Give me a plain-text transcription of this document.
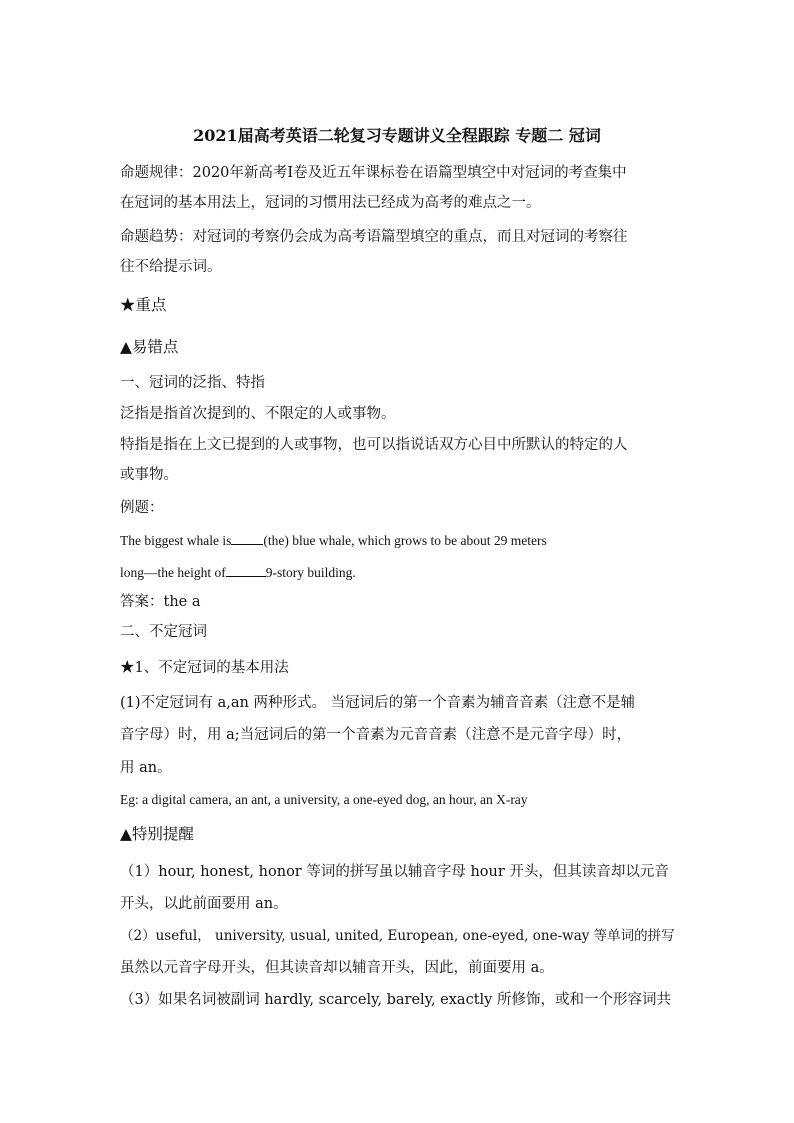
2021届高考英语二轮复习专题讲义全程跟踪 专题二 冠词
命题规律：2020年新高考Ⅰ卷及近五年课标卷在语篇型填空中对冠词的考查集中
在冠词的基本用法上，冠词的习惯用法已经成为高考的难点之一。
命题趋势：对冠词的考察仍会成为高考语篇型填空的重点，而且对冠词的考察往
往不给提示词。
★重点
▲易错点
一、冠词的泛指、特指
泛指是指首次提到的、不限定的人或事物。
特指是指在上文已提到的人或事物，也可以指说话双方心目中所默认的特定的人
或事物。
例题：
The biggest whale is (the) blue whale, which grows to be about 29 meters
long—the height of	9-story building.
答案：the a
二、不定冠词
★1、不定冠词的基本用法
(1)不定冠词有 a,an 两种形式。 当冠词后的第一个音素为辅音音素（注意不是辅
音字母）时，用 a;当冠词后的第一个音素为元音音素（注意不是元音字母）时，
用 an。
Eg: a digital camera, an ant, a university, a one-eyed dog, an hour, an X-ray
▲特别提醒
（1）hour, honest, honor 等词的拼写虽以辅音字母 hour 开头，但其读音却以元音
开头，以此前面要用 an。
（2）useful， university, usual, united, European, one-eyed, one-way 等单词的拼写
虽然以元音字母开头，但其读音却以辅音开头，因此，前面要用 a。
（3）如果名词被副词 hardly, scarcely, barely, exactly 所修饰，或和一个形容词共
